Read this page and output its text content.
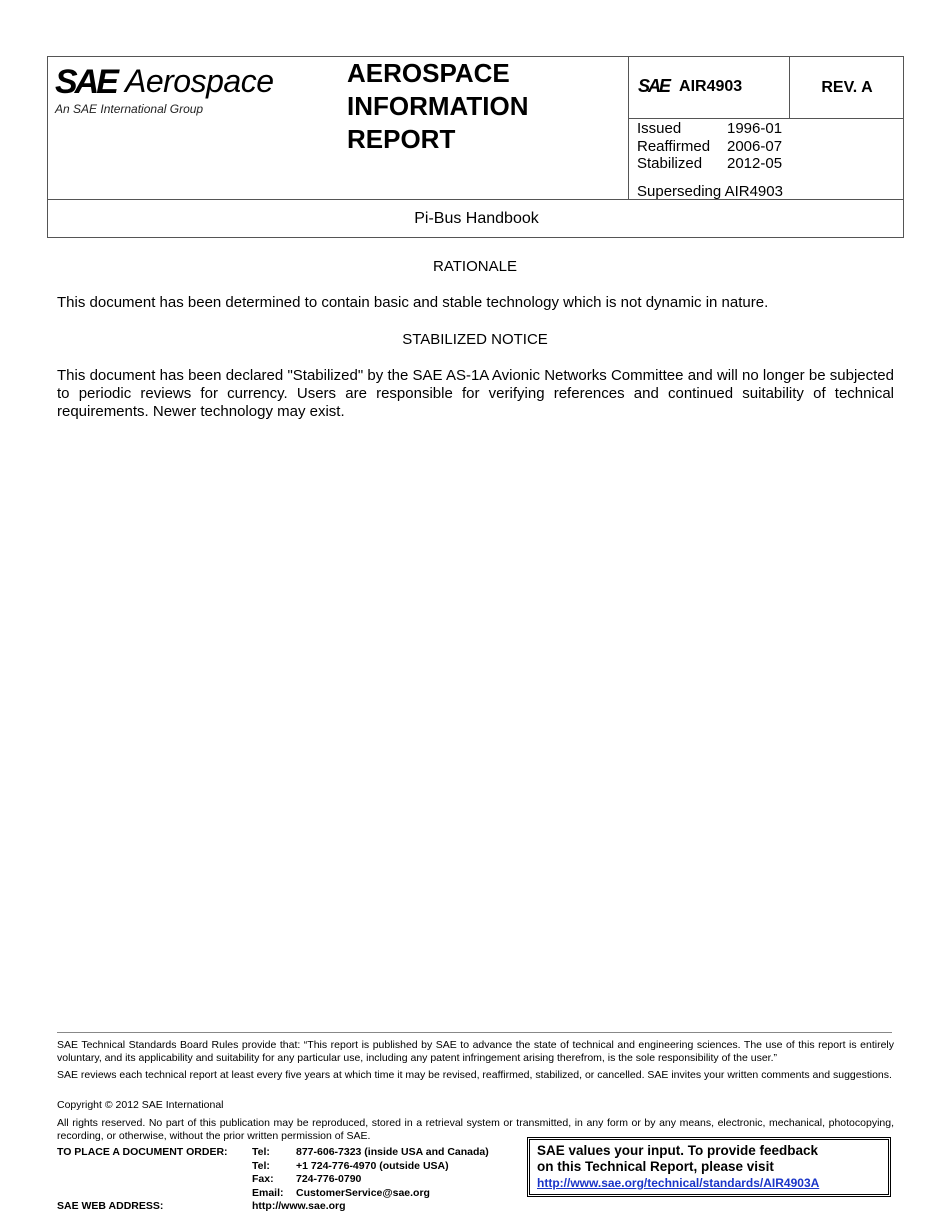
SAE Aerospace
An SAE International Group
AEROSPACE
INFORMATION
REPORT
SAE AIR4903	REV. A
Issued	1996-01
Reaffirmed	2006-07
Stabilized	2012-05
Superseding AIR4903
Pi-Bus Handbook
RATIONALE
This document has been determined to contain basic and stable technology which is not dynamic in nature.
STABILIZED NOTICE
This document has been declared "Stabilized" by the SAE AS-1A Avionic Networks Committee and will no longer be subjected to periodic reviews for currency. Users are responsible for verifying references and continued suitability of technical requirements. Newer technology may exist.
SAE Technical Standards Board Rules provide that: “This report is published by SAE to advance the state of technical and engineering sciences. The use of this report is entirely voluntary, and its applicability and suitability for any particular use, including any patent infringement arising therefrom, is the sole responsibility of the user.”
SAE reviews each technical report at least every five years at which time it may be revised, reaffirmed, stabilized, or cancelled. SAE invites your written comments and suggestions.
Copyright © 2012 SAE International
All rights reserved. No part of this publication may be reproduced, stored in a retrieval system or transmitted, in any form or by any means, electronic, mechanical, photocopying, recording, or otherwise, without the prior written permission of SAE.
TO PLACE A DOCUMENT ORDER:
SAE WEB ADDRESS:
Tel:	877-606-7323 (inside USA and Canada)
Tel:	+1 724-776-4970 (outside USA)
Fax:	724-776-0790
Email:	CustomerService@sae.org
http://www.sae.org
SAE values your input. To provide feedback
on this Technical Report, please visit
http://www.sae.org/technical/standards/AIR4903A
